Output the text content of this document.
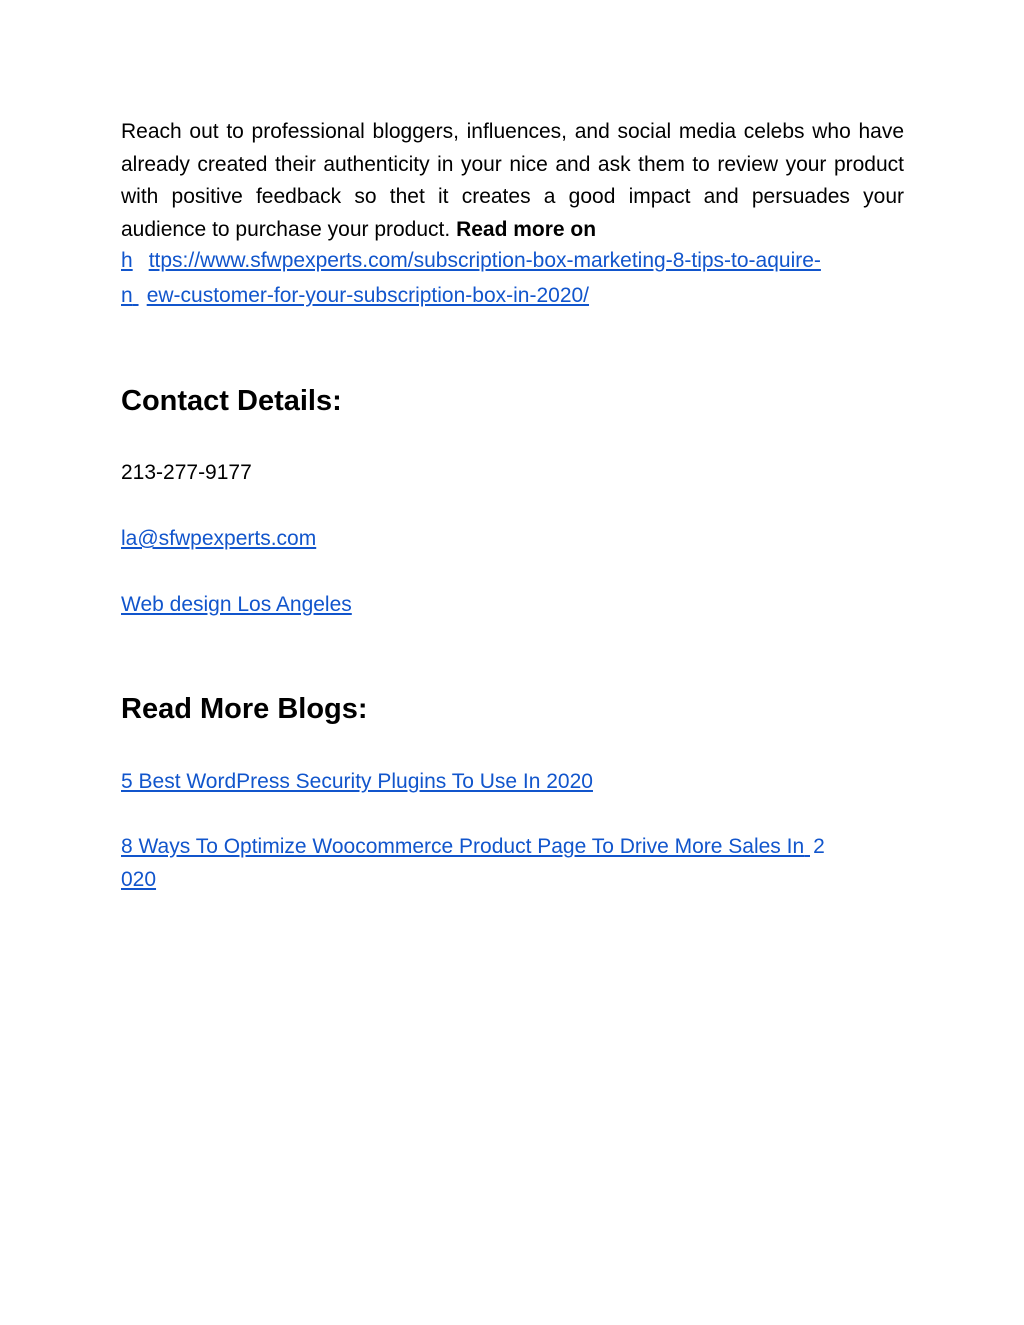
Reach out to professional bloggers, influences, and social media celebs who have already created their authenticity in your nice and ask them to review your product with positive feedback so thet it creates a good impact and persuades your audience to purchase your product. Read more on

h ttps://www.sfwpexperts.com/subscription-box-marketing-8-tips-to-aquire-
n ew-customer-for-your-subscription-box-in-2020/
Contact Details:
213-277-9177
la@sfwpexperts.com
Web design Los Angeles
Read More Blogs:
5 Best WordPress Security Plugins To Use In 2020
8 Ways To Optimize Woocommerce Product Page To Drive More Sales In 2
020
